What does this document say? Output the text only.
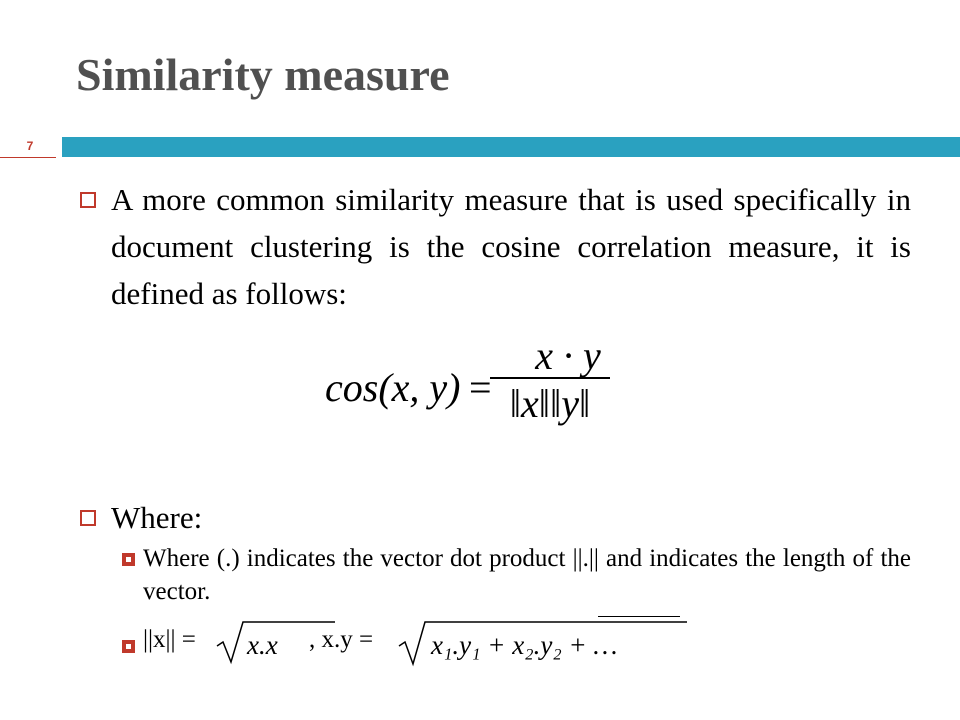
Similarity measure
7

A more common similarity measure that is used specifically in document clustering is the cosine correlation measure, it is defined as follows:

cos(x, y) =
x · y
‖x‖‖y‖

Where:

Where (.) indicates the vector dot product ||.|| and indicates the length of the vector.

||x|| = x.x , x.y = x₁.y₁ + x₂.y₂ + …
